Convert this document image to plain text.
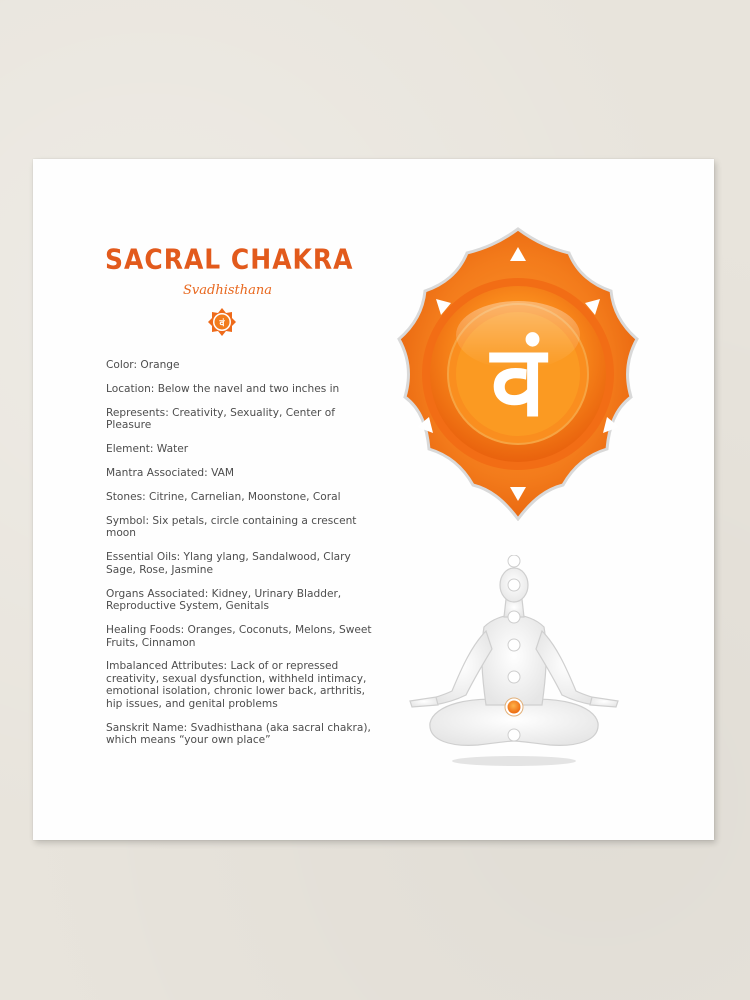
SACRAL CHAKRA
Svadhisthana
वं
Color: Orange
Location: Below the navel and two inches in
Represents: Creativity, Sexuality, Center of Pleasure
Element: Water
Mantra Associated: VAM
Stones: Citrine, Carnelian, Moonstone, Coral
Symbol: Six petals, circle containing a crescent moon
Essential Oils: Ylang ylang, Sandalwood, Clary Sage, Rose, Jasmine
Organs Associated: Kidney, Urinary Bladder, Reproductive System, Genitals
Healing Foods: Oranges, Coconuts, Melons, Sweet Fruits, Cinnamon
Imbalanced Attributes: Lack of or repressed creativity, sexual dysfunction, withheld intimacy, emotional isolation, chronic lower back, arthritis, hip issues, and genital problems
Sanskrit Name: Svadhisthana (aka sacral chakra), which means “your own place”
वं
